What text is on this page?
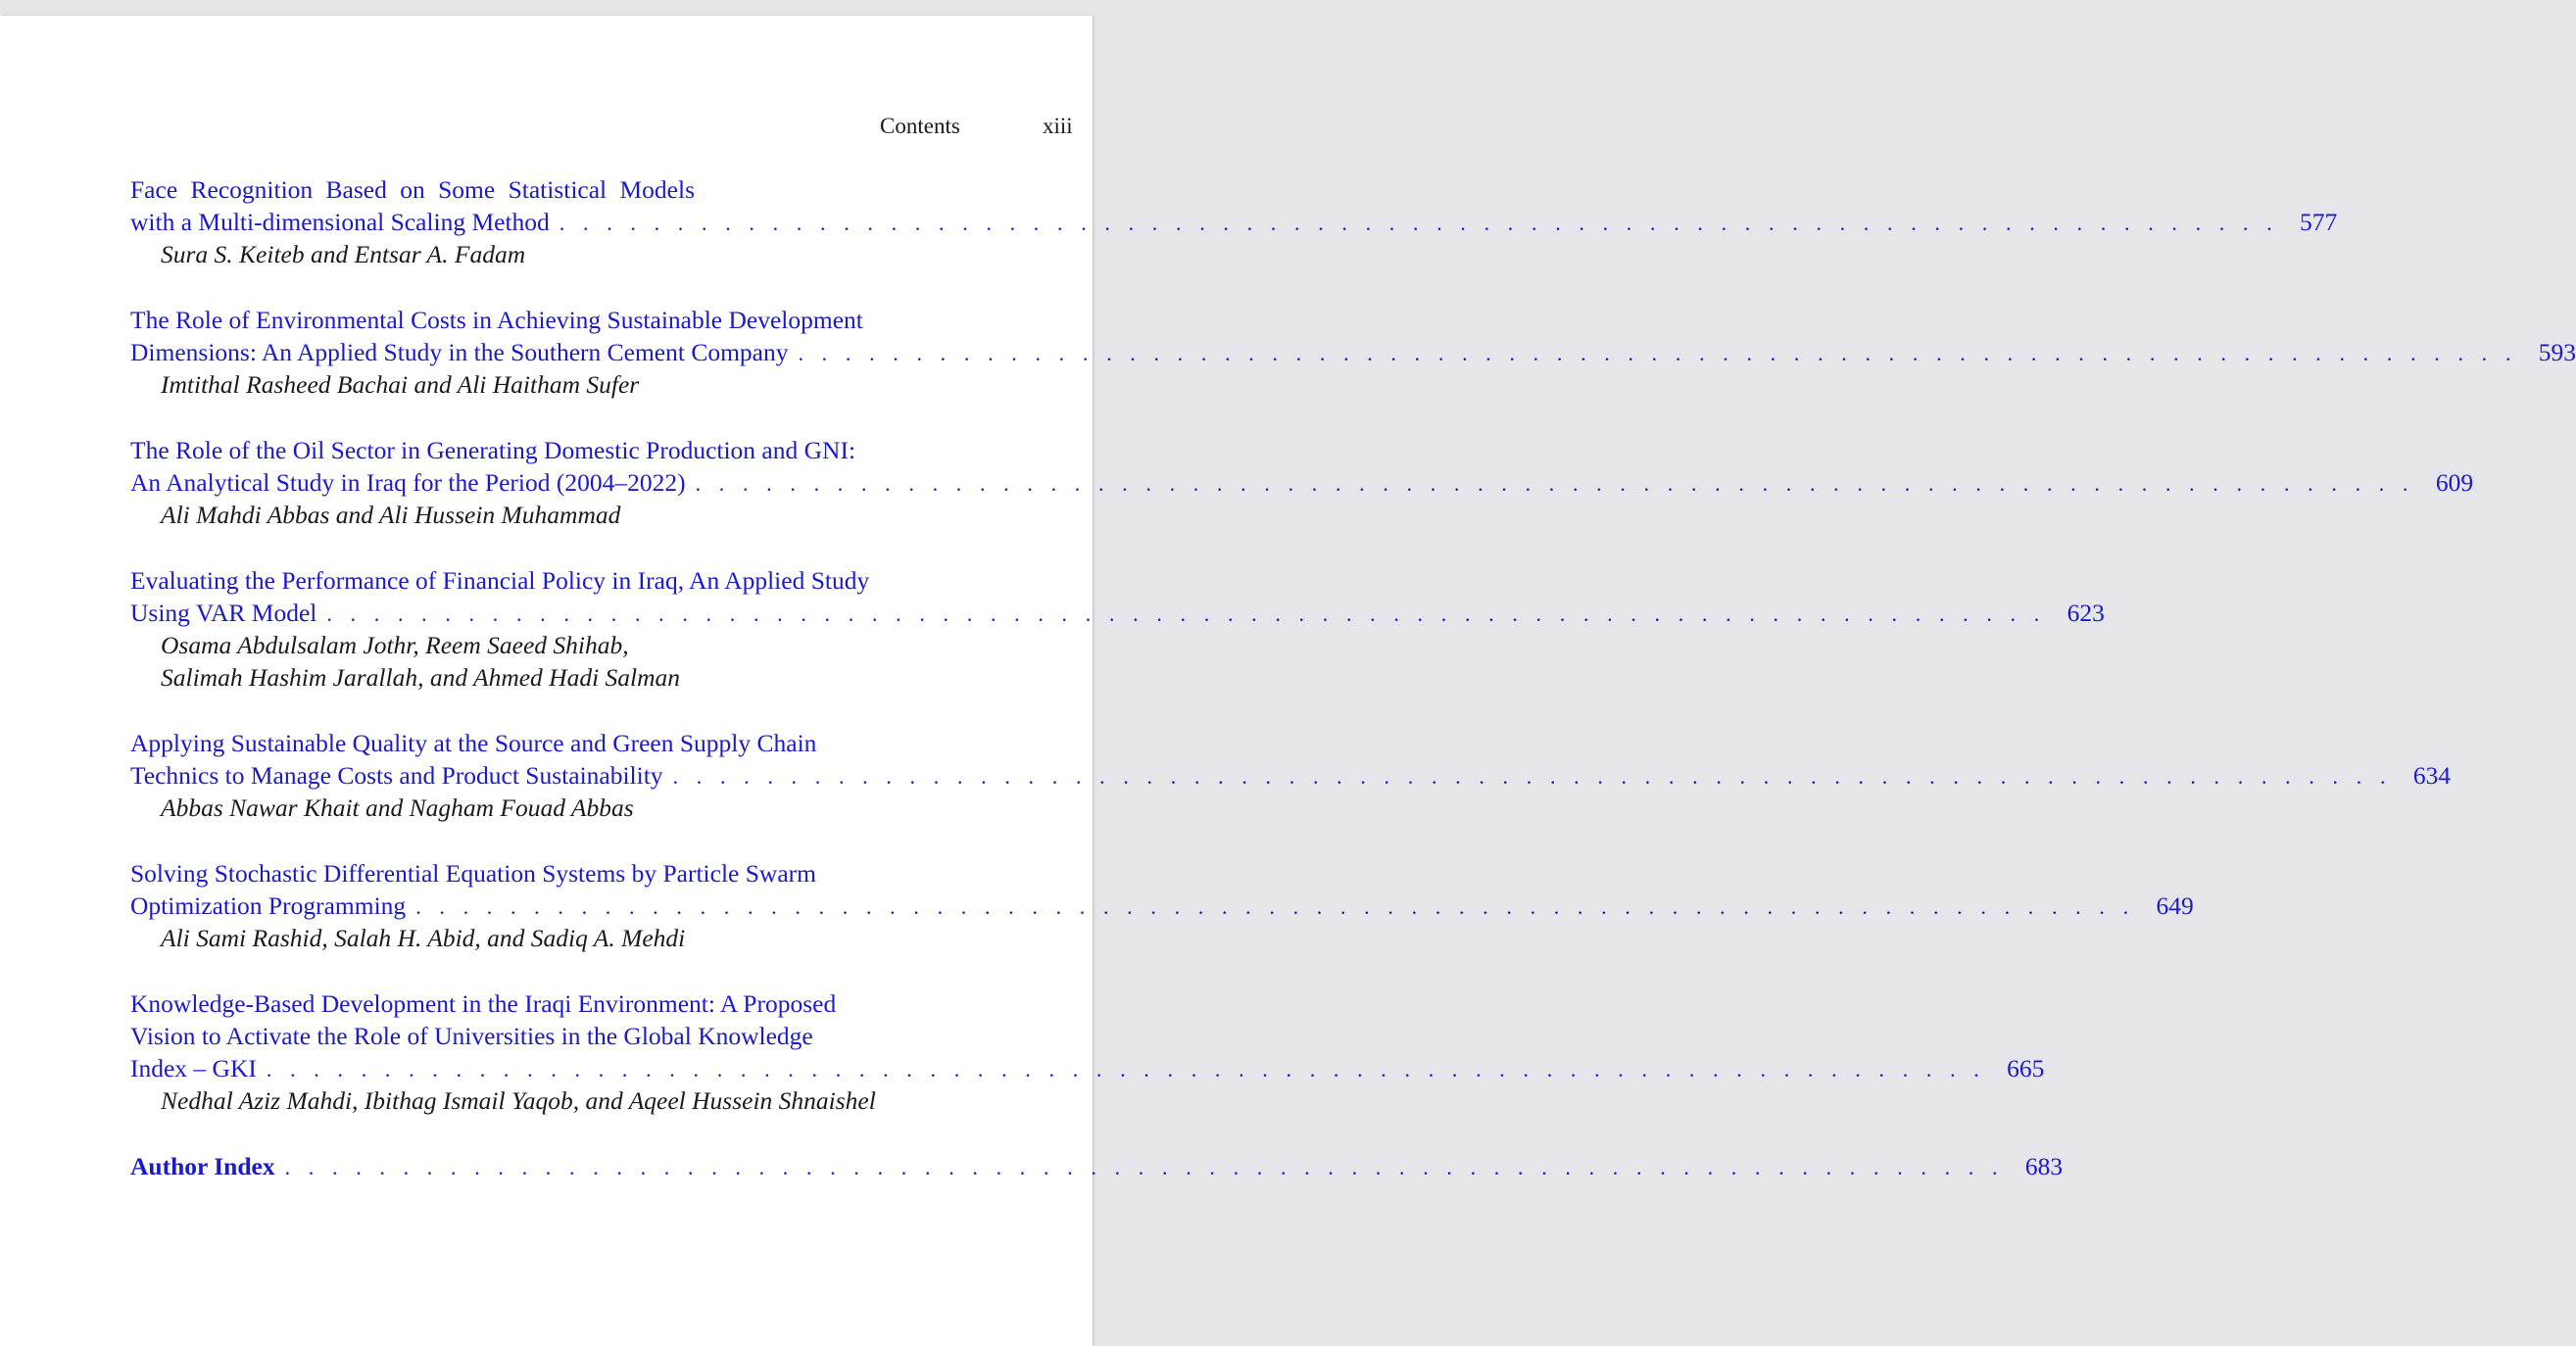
Contents	xiii
Face Recognition Based on Some Statistical Models
with a Multi-dimensional Scaling Method . . . . . . . . . . . . . . . . . . . . . . . . . . . . . . . . . . . . . . . . . . . . . . . . . . . . . . . . . . . . . . . . . . . . . . . . . 577
Sura S. Keiteb and Entsar A. Fadam
The Role of Environmental Costs in Achieving Sustainable Development
Dimensions: An Applied Study in the Southern Cement Company . . . . . . . . . . . . . . . . . . . . . . . . . . . . . . . . . . . . . . . . . . . . . . . . . . . . . . . . . . . . . . . . . . . . . . . . . 593
Imtithal Rasheed Bachai and Ali Haitham Sufer
The Role of the Oil Sector in Generating Domestic Production and GNI:
An Analytical Study in Iraq for the Period (2004–2022) . . . . . . . . . . . . . . . . . . . . . . . . . . . . . . . . . . . . . . . . . . . . . . . . . . . . . . . . . . . . . . . . . . . . . . . . . 609
Ali Mahdi Abbas and Ali Hussein Muhammad
Evaluating the Performance of Financial Policy in Iraq, An Applied Study
Using VAR Model . . . . . . . . . . . . . . . . . . . . . . . . . . . . . . . . . . . . . . . . . . . . . . . . . . . . . . . . . . . . . . . . . . . . . . . . . 623
Osama Abdulsalam Jothr, Reem Saeed Shihab,
Salimah Hashim Jarallah, and Ahmed Hadi Salman
Applying Sustainable Quality at the Source and Green Supply Chain
Technics to Manage Costs and Product Sustainability . . . . . . . . . . . . . . . . . . . . . . . . . . . . . . . . . . . . . . . . . . . . . . . . . . . . . . . . . . . . . . . . . . . . . . . . . 634
Abbas Nawar Khait and Nagham Fouad Abbas
Solving Stochastic Differential Equation Systems by Particle Swarm
Optimization Programming . . . . . . . . . . . . . . . . . . . . . . . . . . . . . . . . . . . . . . . . . . . . . . . . . . . . . . . . . . . . . . . . . . . . . . . . . 649
Ali Sami Rashid, Salah H. Abid, and Sadiq A. Mehdi
Knowledge-Based Development in the Iraqi Environment: A Proposed
Vision to Activate the Role of Universities in the Global Knowledge
Index – GKI . . . . . . . . . . . . . . . . . . . . . . . . . . . . . . . . . . . . . . . . . . . . . . . . . . . . . . . . . . . . . . . . . . . . . . . . . 665
Nedhal Aziz Mahdi, Ibithag Ismail Yaqob, and Aqeel Hussein Shnaishel
Author Index . . . . . . . . . . . . . . . . . . . . . . . . . . . . . . . . . . . . . . . . . . . . . . . . . . . . . . . . . . . . . . . . . . . . . . . . . 683
